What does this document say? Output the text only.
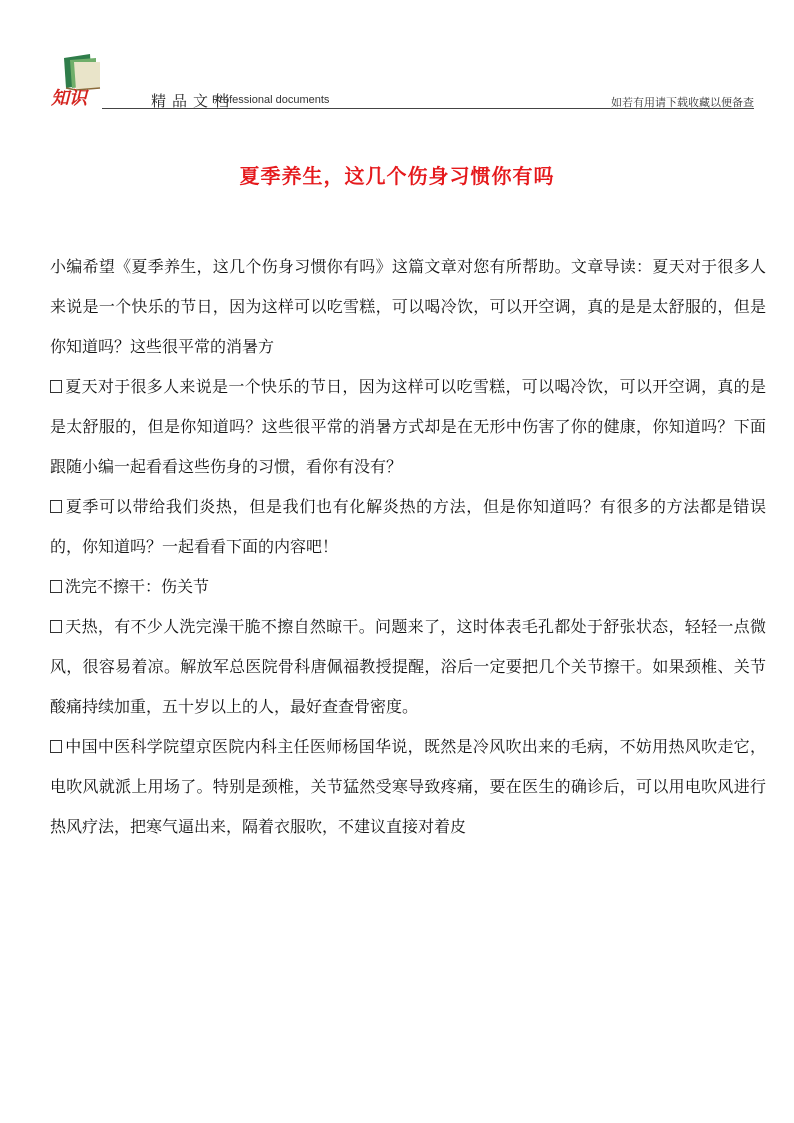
知识	精品文档
Professional documents	如若有用请下载收藏以便备查
夏季养生，这几个伤身习惯你有吗

小编希望《夏季养生，这几个伤身习惯你有吗》这篇文章对您有所帮助。文章导读：夏天对于很多人来说是一个快乐的节日，因为这样可以吃雪糕，可以喝冷饮，可以开空调，真的是是太舒服的，但是你知道吗？这些很平常的消暑方

夏天对于很多人来说是一个快乐的节日，因为这样可以吃雪糕，可以喝冷饮，可以开空调，真的是是太舒服的，但是你知道吗？这些很平常的消暑方式却是在无形中伤害了你的健康，你知道吗？下面跟随小编一起看看这些伤身的习惯，看你有没有？

夏季可以带给我们炎热，但是我们也有化解炎热的方法，但是你知道吗？有很多的方法都是错误的，你知道吗？一起看看下面的内容吧！

洗完不擦干：伤关节

天热，有不少人洗完澡干脆不擦自然晾干。问题来了，这时体表毛孔都处于舒张状态，轻轻一点微风，很容易着凉。解放军总医院骨科唐佩福教授提醒，浴后一定要把几个关节擦干。如果颈椎、关节酸痛持续加重，五十岁以上的人，最好查查骨密度。

中国中医科学院望京医院内科主任医师杨国华说，既然是冷风吹出来的毛病，不妨用热风吹走它，电吹风就派上用场了。特别是颈椎，关节猛然受寒导致疼痛，要在医生的确诊后，可以用电吹风进行热风疗法，把寒气逼出来，隔着衣服吹，不建议直接对着皮
